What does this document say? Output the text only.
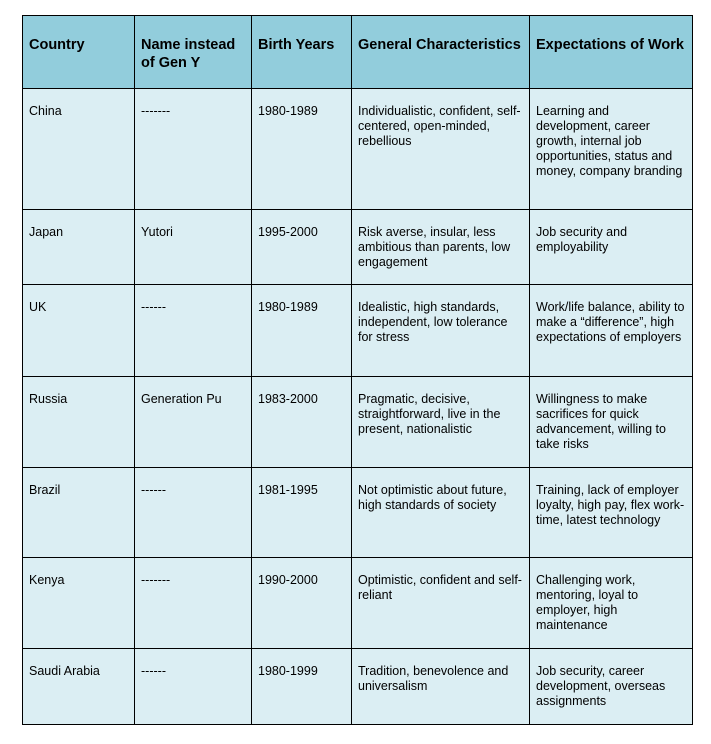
Country	Name instead of Gen Y	Birth Years	General Characteristics	Expectations of Work
China	-------	1980-1989	Individualistic, confident, self-centered, open-minded, rebellious	Learning and development, career growth, internal job opportunities, status and money, company branding
Japan	Yutori	1995-2000	Risk averse, insular, less ambitious than parents, low engagement	Job security and employability
UK	------	1980-1989	Idealistic, high standards, independent, low tolerance for stress	Work/life balance, ability to make a “difference”, high expectations of employers
Russia	Generation Pu	1983-2000	Pragmatic, decisive, straightforward, live in the present, nationalistic	Willingness to make sacrifices for quick advancement, willing to take risks
Brazil	------	1981-1995	Not optimistic about future, high standards of society	Training, lack of employer loyalty, high pay, flex work-time, latest technology
Kenya	-------	1990-2000	Optimistic, confident and self-reliant	Challenging work, mentoring, loyal to employer, high maintenance
Saudi Arabia	------	1980-1999	Tradition, benevolence and universalism	Job security, career development, overseas assignments
